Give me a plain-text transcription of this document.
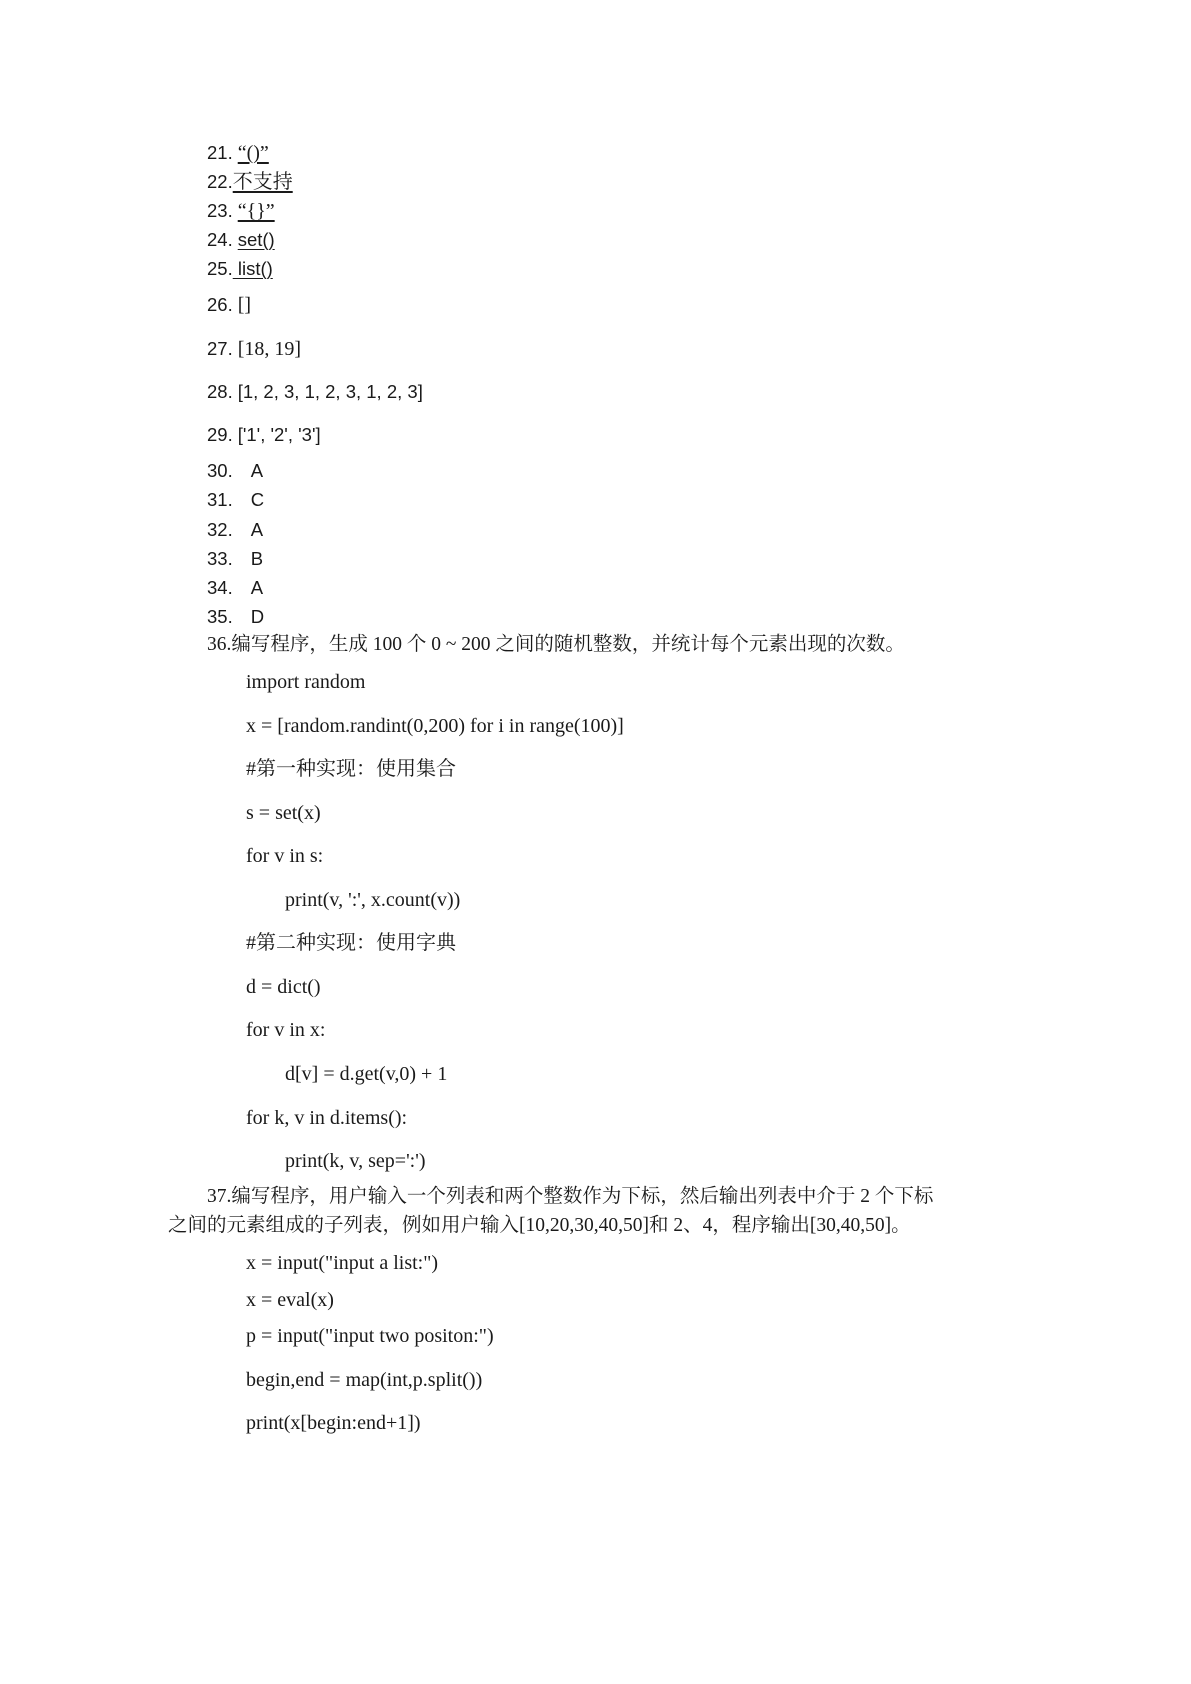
21. “()”
22.不支持
23. “{}”
24. set()
25. list()
26. []
27. [18, 19]
28. [1, 2, 3, 1, 2, 3, 1, 2, 3]
29. ['1', '2', '3']
30. A
31. C
32. A
33. B
34. A
35. D
36.编写程序，生成 100 个 0 ~ 200 之间的随机整数，并统计每个元素出现的次数。
import random
x = [random.randint(0,200) for i in range(100)]
#第一种实现：使用集合
s = set(x)
for v in s:
print(v, ':', x.count(v))
#第二种实现：使用字典
d = dict()
for v in x:
d[v] = d.get(v,0) + 1
for k, v in d.items():
print(k, v, sep=':')
37.编写程序，用户输入一个列表和两个整数作为下标，然后输出列表中介于 2 个下标
之间的元素组成的子列表，例如用户输入[10,20,30,40,50]和 2、4，程序输出[30,40,50]。
x = input("input a list:")
x = eval(x)
p = input("input two positon:")
begin,end = map(int,p.split())
print(x[begin:end+1])
